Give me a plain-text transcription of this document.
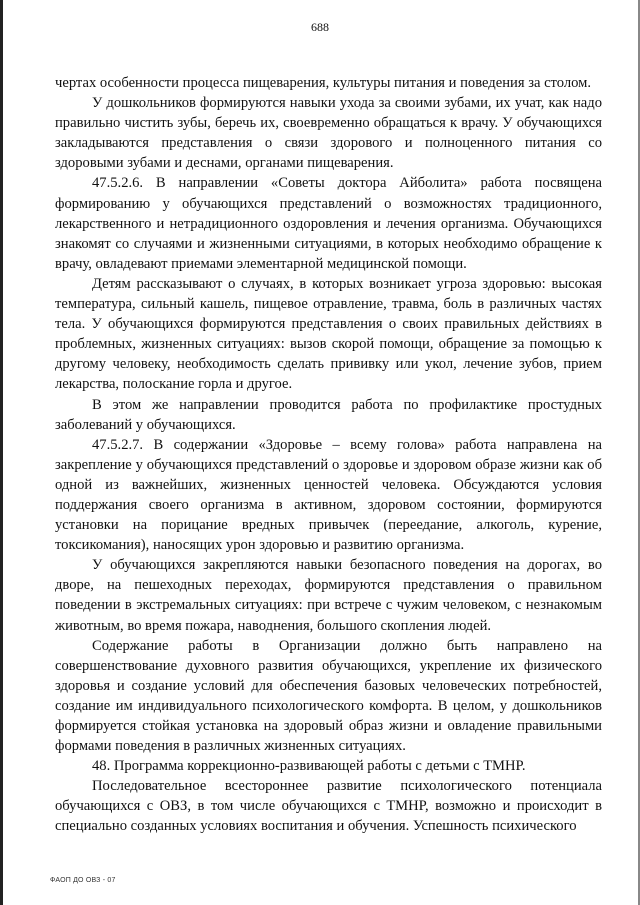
688

чертах особенности процесса пищеварения, культуры питания и поведения за столом.

У дошкольников формируются навыки ухода за своими зубами, их учат, как надо правильно чистить зубы, беречь их, своевременно обращаться к врачу. У обучающихся закладываются представления о связи здорового и полноценного питания со здоровыми зубами и деснами, органами пищеварения.

47.5.2.6. В направлении «Советы доктора Айболита» работа посвящена формированию у обучающихся представлений о возможностях традиционного, лекарственного и нетрадиционного оздоровления и лечения организма. Обучающихся знакомят со случаями и жизненными ситуациями, в которых необходимо обращение к врачу, овладевают приемами элементарной медицинской помощи.

Детям рассказывают о случаях, в которых возникает угроза здоровью: высокая температура, сильный кашель, пищевое отравление, травма, боль в различных частях тела. У обучающихся формируются представления о своих правильных действиях в проблемных, жизненных ситуациях: вызов скорой помощи, обращение за помощью к другому человеку, необходимость сделать прививку или укол, лечение зубов, прием лекарства, полоскание горла и другое.

В этом же направлении проводится работа по профилактике простудных заболеваний у обучающихся.

47.5.2.7. В содержании «Здоровье – всему голова» работа направлена на закрепление у обучающихся представлений о здоровье и здоровом образе жизни как об одной из важнейших, жизненных ценностей человека. Обсуждаются условия поддержания своего организма в активном, здоровом состоянии, формируются установки на порицание вредных привычек (переедание, алкоголь, курение, токсикомания), наносящих урон здоровью и развитию организма.

У обучающихся закрепляются навыки безопасного поведения на дорогах, во дворе, на пешеходных переходах, формируются представления о правильном поведении в экстремальных ситуациях: при встрече с чужим человеком, с незнакомым животным, во время пожара, наводнения, большого скопления людей.

Содержание работы в Организации должно быть направлено на совершенствование духовного развития обучающихся, укрепление их физического здоровья и создание условий для обеспечения базовых человеческих потребностей, создание им индивидуального психологического комфорта. В целом, у дошкольников формируется стойкая установка на здоровый образ жизни и овладение правильными формами поведения в различных жизненных ситуациях.

48. Программа коррекционно-развивающей работы с детьми с ТМНР.

Последовательное всестороннее развитие психологического потенциала обучающихся с ОВЗ, в том числе обучающихся с ТМНР, возможно и происходит в специально созданных условиях воспитания и обучения. Успешность психического

ФАОП ДО ОВЗ - 07
